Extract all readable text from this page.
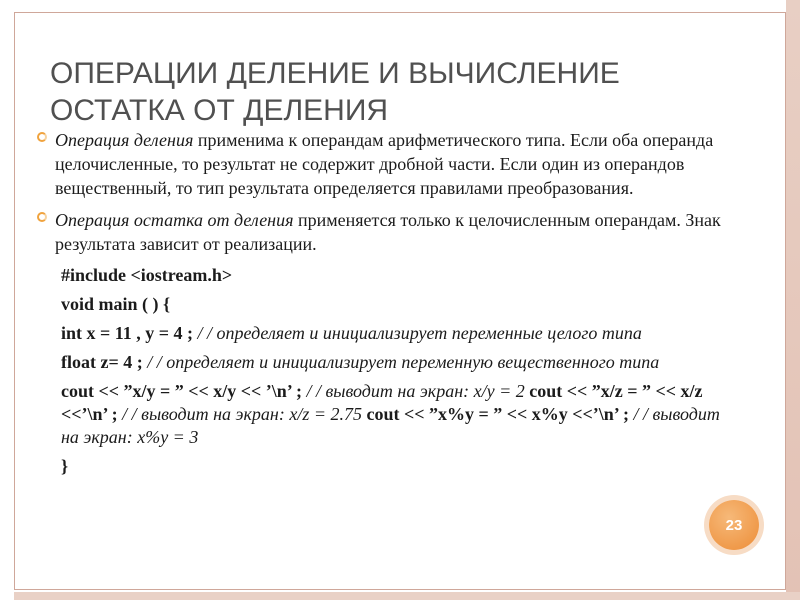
ОПЕРАЦИИ ДЕЛЕНИЕ И ВЫЧИСЛЕНИЕ
ОСТАТКА ОТ ДЕЛЕНИЯ
Операция деления применима к операндам арифметического типа. Если оба операнда целочисленные, то результат не содержит дробной части. Если один из операндов вещественный, то тип результата определяется правилами преобразования.
Операция остатка от деления применяется только к целочисленным операндам. Знак результата зависит от реализации.
#include <iostream.h>
void main ( ) {
int x = 11 , y = 4 ; / / определяет и инициализирует переменные целого типа
float z= 4 ; / / определяет и инициализирует переменную вещественного типа
cout << ”x/y = ” << x/y << ’\n’ ; / / выводит на экран: x/y = 2 cout << ”x/z = ” << x/z <<’\n’ ; / / выводит на экран: x/z = 2.75 cout << ”x%y = ” << x%y <<’\n’ ; / / выводит на экран: x%y = 3
}
23
